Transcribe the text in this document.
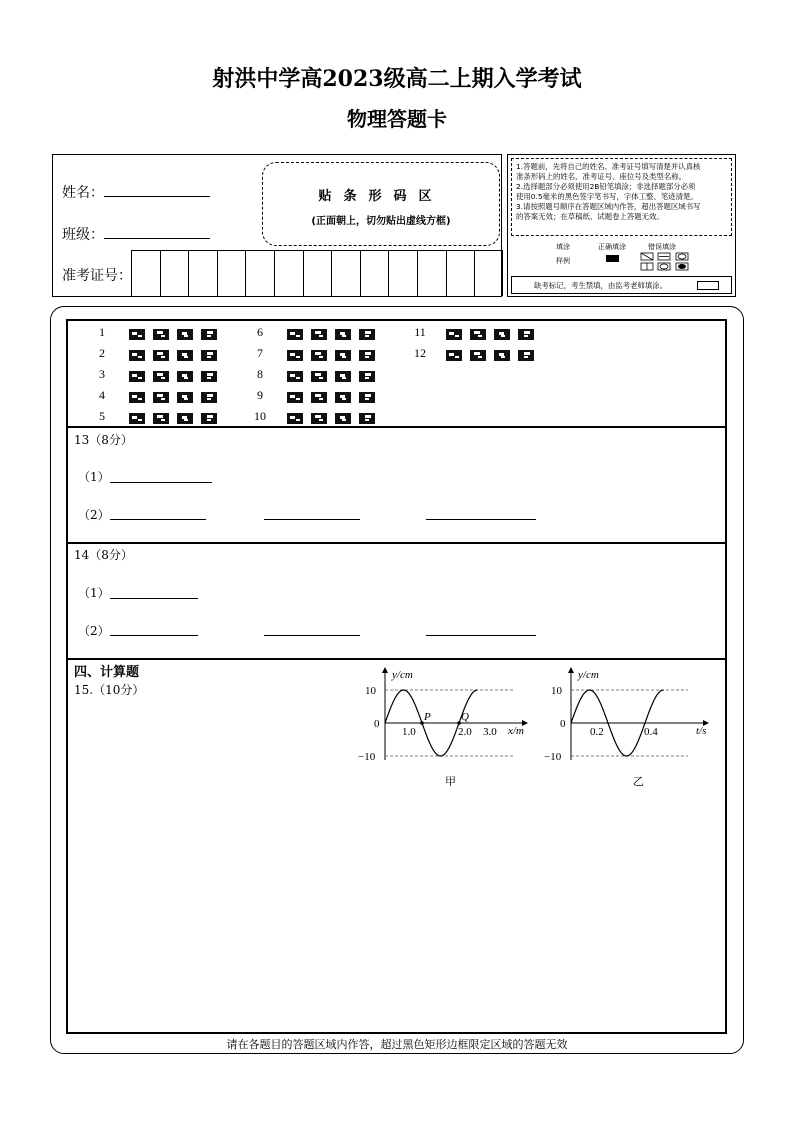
射洪中学高2023级高二上期入学考试
物理答题卡
姓名：
班级：
准考证号：
贴条形码区
(正面朝上，切勿贴出虚线方框)
1.答题前，先将自己的姓名、准考证号填写清楚并认真核
准条形码上的姓名、准考证号、座位号及类型名称。
2.选择题部分必须使用2B铅笔填涂；非选择题部分必须
使用0.5毫米的黑色签字笔书写，字体工整、笔迹清楚。
3.请按照题号顺序在答题区域内作答，超出答题区域书写
的答案无效；在草稿纸、试题卷上答题无效。
填涂
样例
正确填涂	错误填涂
缺考标记，考生禁填，由监考老师填涂。
1
2
3
4
5
6
7
8
9
10
11
12
13（8分）
（1）
（2）
14（8分）
（1）
（2）
四、计算题
15.（10分）
y/cm
x/m
10
0
−10
1.0	2.0 3.0
P	Q
甲
y/cm
t/s
10
0
−10
0.2	0.4
乙
请在各题目的答题区域内作答，超过黑色矩形边框限定区域的答题无效
